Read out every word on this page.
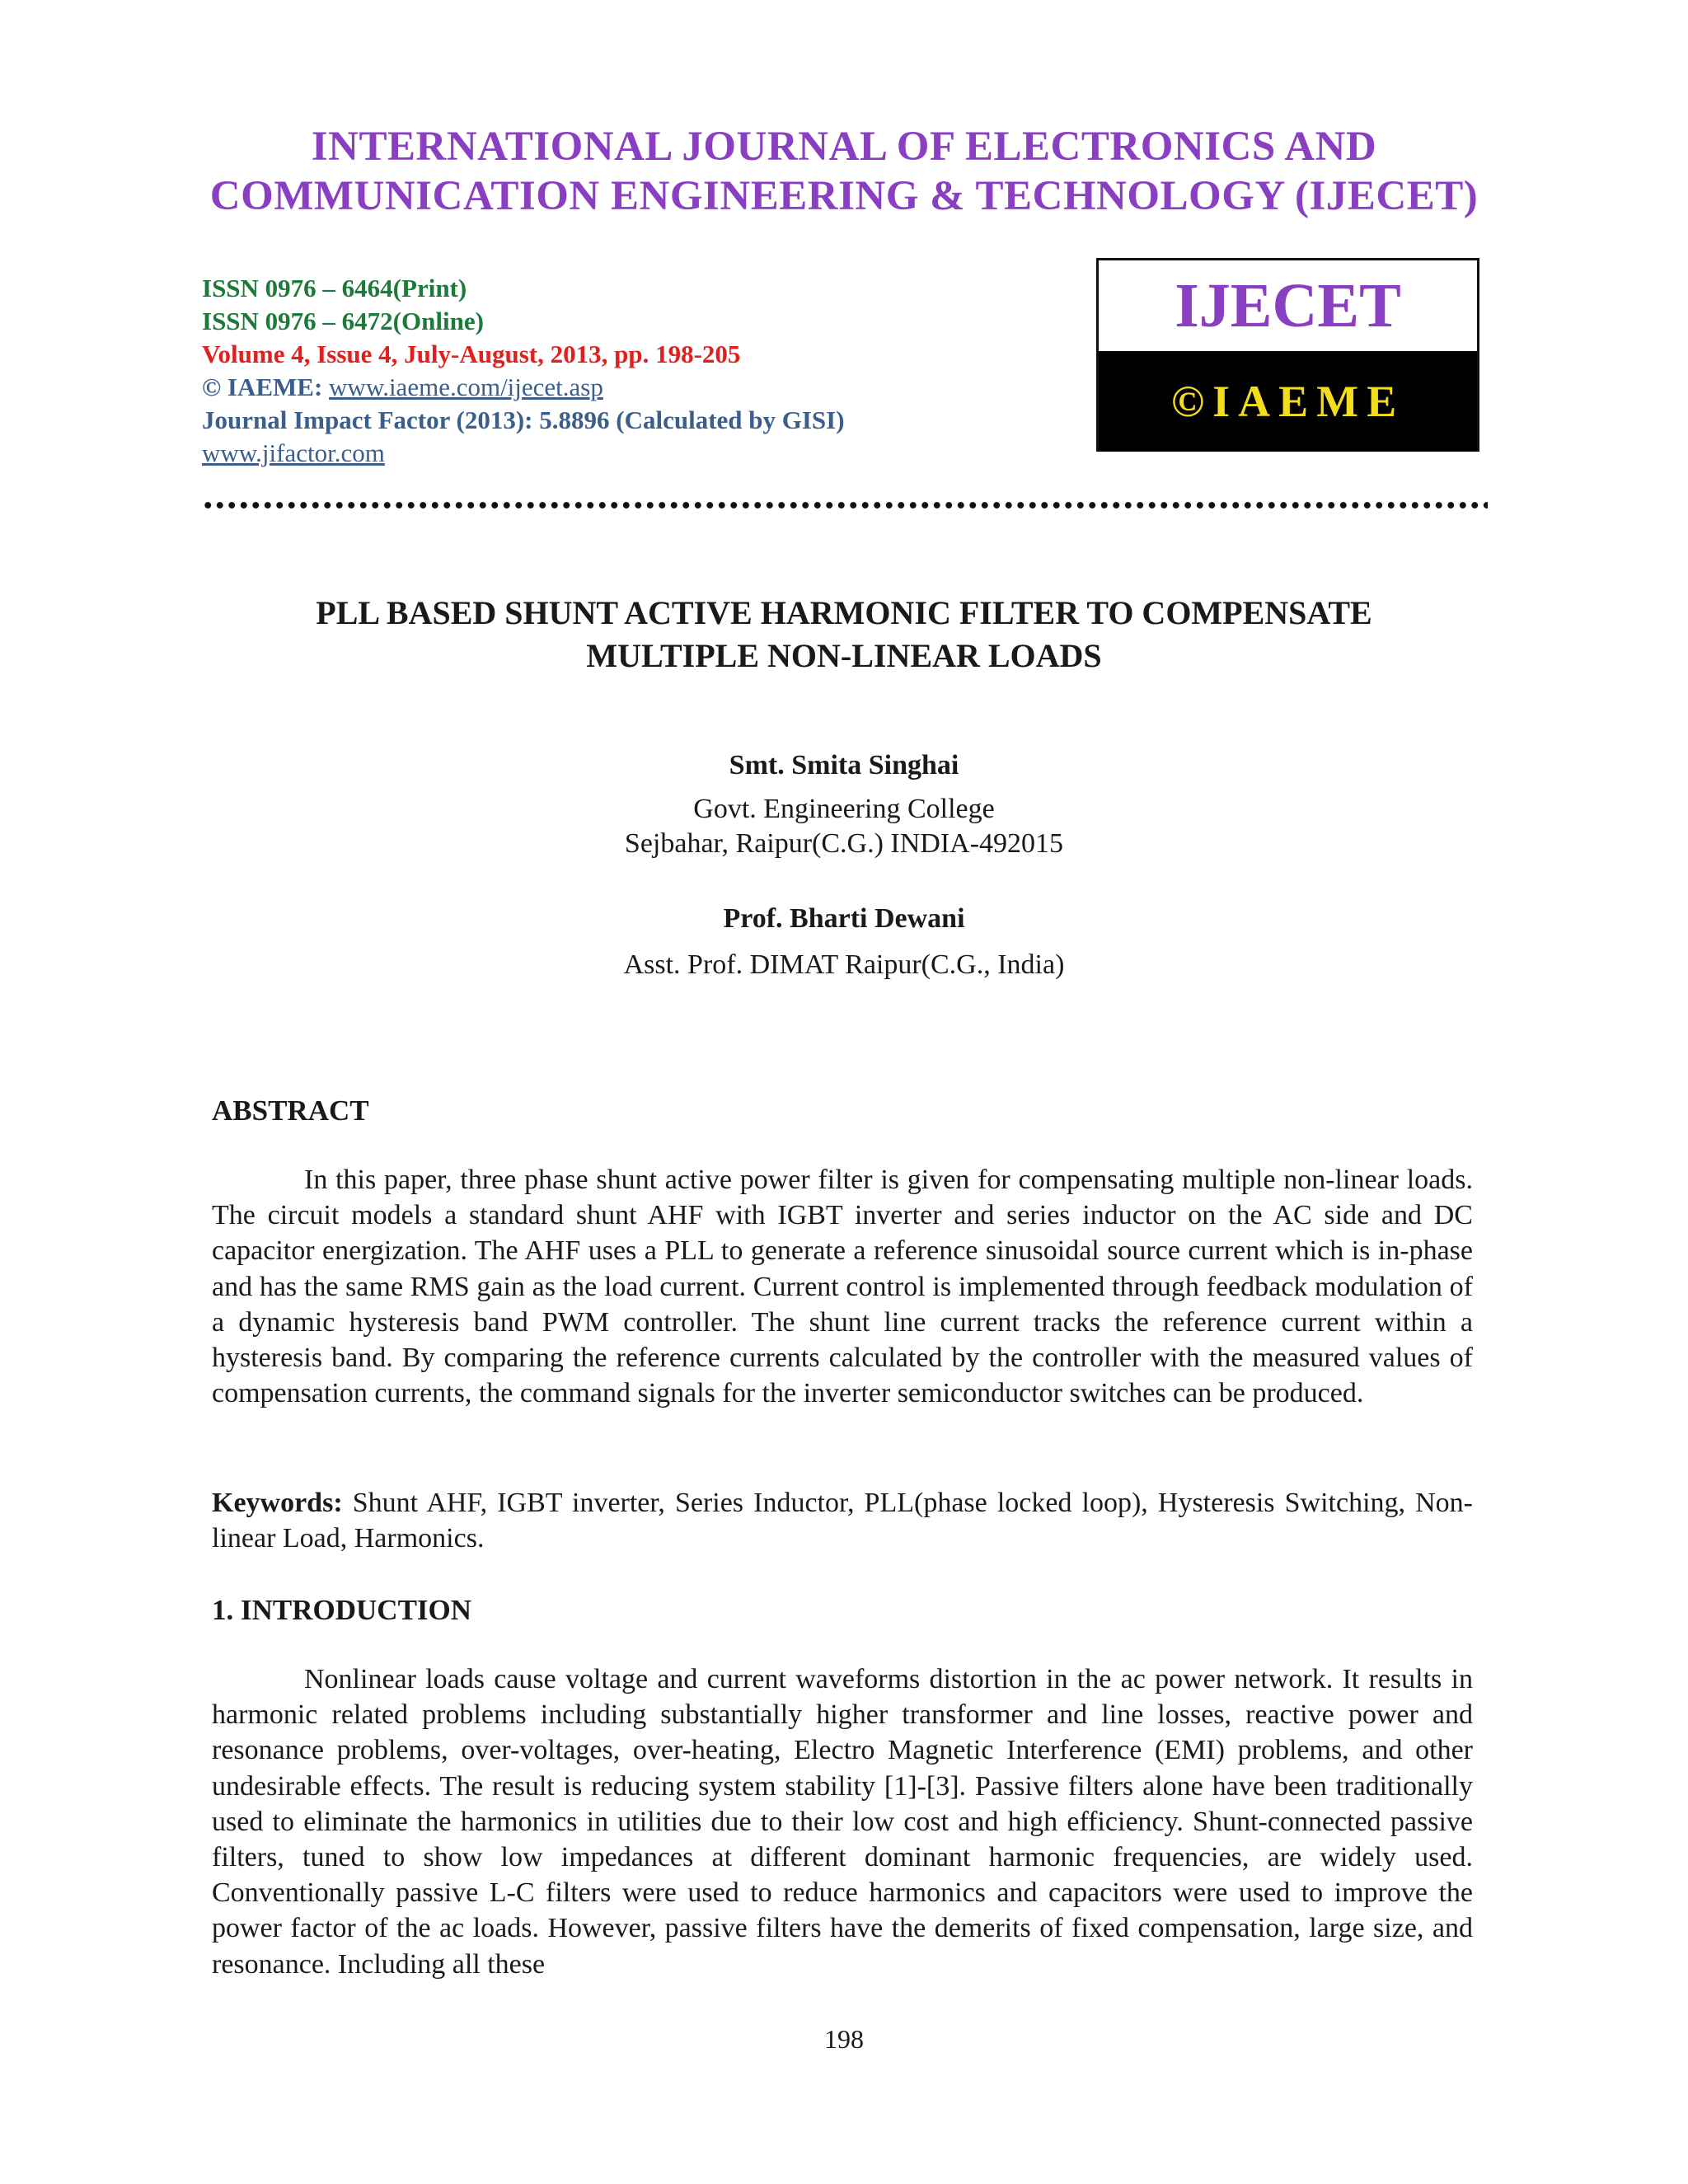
INTERNATIONAL JOURNAL OF ELECTRONICS AND
COMMUNICATION ENGINEERING & TECHNOLOGY (IJECET)
ISSN 0976 – 6464(Print)
ISSN 0976 – 6472(Online)
Volume 4, Issue 4, July-August, 2013, pp. 198-205
© IAEME: www.iaeme.com/ijecet.asp
Journal Impact Factor (2013): 5.8896 (Calculated by GISI)
www.jifactor.com
IJECET
©IAEME
PLL BASED SHUNT ACTIVE HARMONIC FILTER TO COMPENSATE
MULTIPLE NON-LINEAR LOADS
Smt. Smita Singhai
Govt. Engineering College
Sejbahar, Raipur(C.G.) INDIA-492015
Prof. Bharti Dewani
Asst. Prof. DIMAT Raipur(C.G., India)
ABSTRACT
In this paper, three phase shunt active power filter is given for compensating multiple non-linear loads. The circuit models a standard shunt AHF with IGBT inverter and series inductor on the AC side and DC capacitor energization. The AHF uses a PLL to generate a reference sinusoidal source current which is in-phase and has the same RMS gain as the load current. Current control is implemented through feedback modulation of a dynamic hysteresis band PWM controller. The shunt line current tracks the reference current within a hysteresis band. By comparing the reference currents calculated by the controller with the measured values of compensation currents, the command signals for the inverter semiconductor switches can be produced.
Keywords: Shunt AHF, IGBT inverter, Series Inductor, PLL(phase locked loop), Hysteresis Switching, Non-linear Load, Harmonics.
1. INTRODUCTION
Nonlinear loads cause voltage and current waveforms distortion in the ac power network. It results in harmonic related problems including substantially higher transformer and line losses, reactive power and resonance problems, over-voltages, over-heating, Electro Magnetic Interference (EMI) problems, and other undesirable effects. The result is reducing system stability [1]-[3]. Passive filters alone have been traditionally used to eliminate the harmonics in utilities due to their low cost and high efficiency. Shunt-connected passive filters, tuned to show low impedances at different dominant harmonic frequencies, are widely used. Conventionally passive L-C filters were used to reduce harmonics and capacitors were used to improve the power factor of the ac loads. However, passive filters have the demerits of fixed compensation, large size, and resonance. Including all these
198
